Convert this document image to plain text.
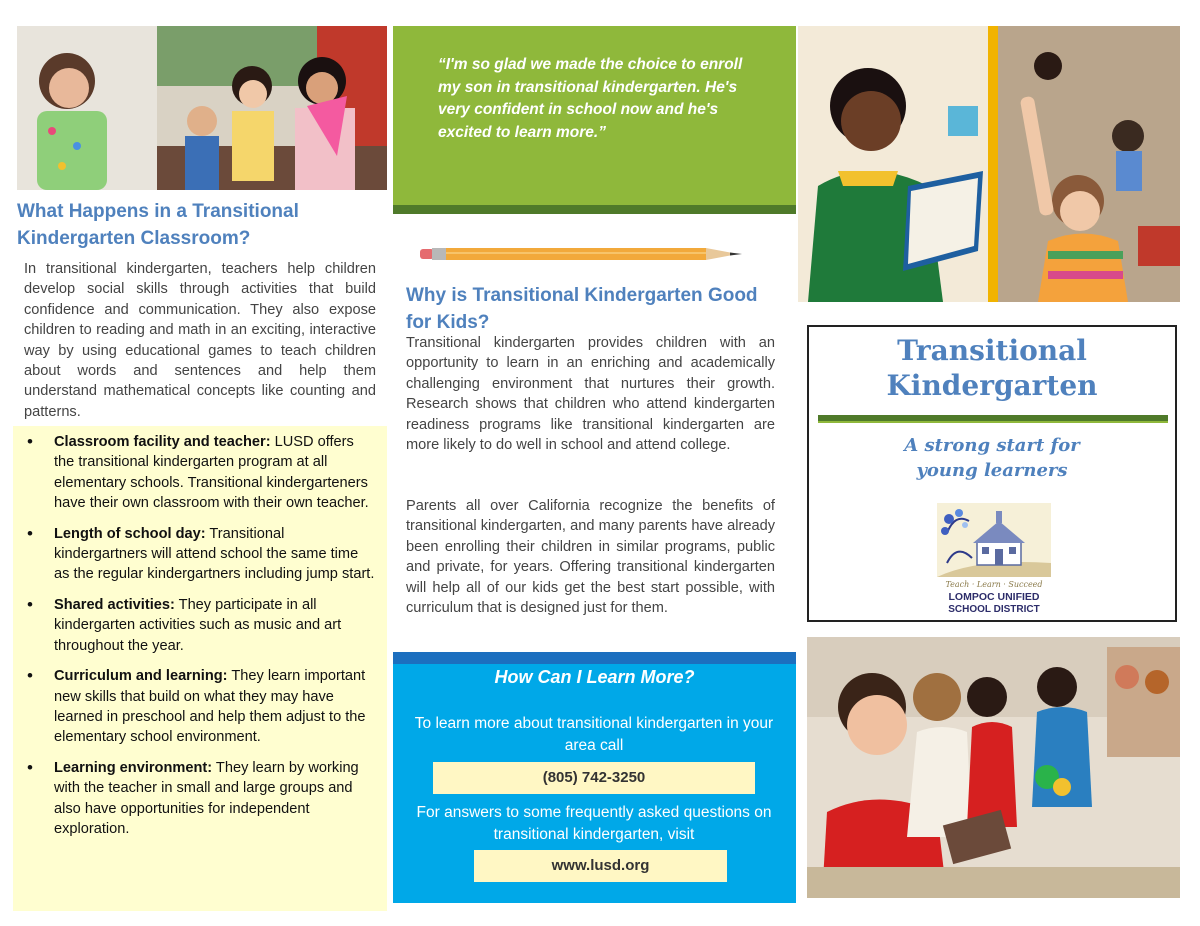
What Happens in a Transitional Kindergarten Classroom?

In transitional kindergarten, teachers help children develop social skills through activities that build confidence and communication. They also expose children to reading and math in an exciting, interactive way by using educational games to teach children about words and sentences and help them understand mathematical concepts like counting and patterns.

• Classroom facility and teacher: LUSD offers the transitional kindergarten program at all elementary schools. Transitional kindergarteners have their own classroom with their own teacher.
• Length of school day: Transitional kindergartners will attend school the same time as the regular kindergartners including jump start.
• Shared activities: They participate in all kindergarten activities such as music and art throughout the year.
• Curriculum and learning: They learn important new skills that build on what they may have learned in preschool and help them adjust to the elementary school environment.
• Learning environment: They learn by working with the teacher in small and large groups and also have opportunities for independent exploration.

“I'm so glad we made the choice to enroll my son in transitional kindergarten. He's very confident in school now and he's excited to learn more.”

Why is Transitional Kindergarten Good for Kids?

Transitional kindergarten provides children with an opportunity to learn in an enriching and academically challenging environment that nurtures their growth. Research shows that children who attend kindergarten readiness programs like transitional kindergarten are more likely to do well in school and attend college.

Parents all over California recognize the benefits of transitional kindergarten, and many parents have already been enrolling their children in similar programs, public and private, for years. Offering transitional kindergarten will help all of our kids get the best start possible, with curriculum that is designed just for them.

How Can I Learn More?

To learn more about transitional kindergarten in your area call

(805) 742-3250

For answers to some frequently asked questions on transitional kindergarten, visit

www.lusd.org
Transitional
Kindergarten
A strong start for
young learners
Teach · Learn · Succeed
LOMPOC UNIFIED
SCHOOL DISTRICT
